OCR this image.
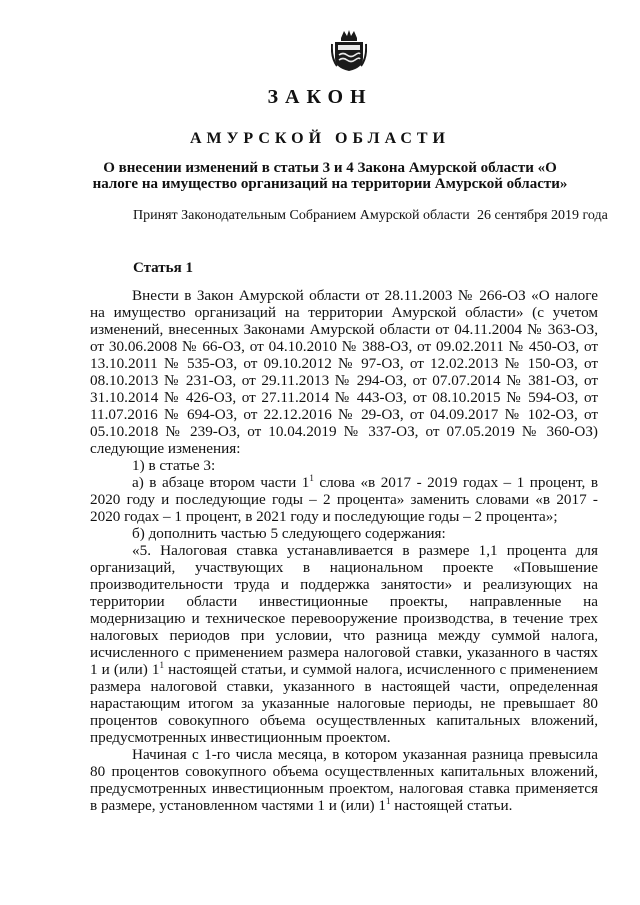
ЗАКОН
АМУРСКОЙ ОБЛАСТИ
О внесении изменений в статьи 3 и 4 Закона Амурской области «О налоге на имущество организаций на территории Амурской области»
Принят Законодательным Собранием Амурской области 26 сентября 2019 года
Статья 1

Внести в Закон Амурской области от 28.11.2003 № 266-ОЗ «О налоге на имущество организаций на территории Амурской области» (с учетом изменений, внесенных Законами Амурской области от 04.11.2004 № 363-ОЗ, от 30.06.2008 № 66-ОЗ, от 04.10.2010 № 388-ОЗ, от 09.02.2011 № 450-ОЗ, от 13.10.2011 № 535-ОЗ, от 09.10.2012 № 97-ОЗ, от 12.02.2013 № 150-ОЗ, от 08.10.2013 № 231-ОЗ, от 29.11.2013 № 294-ОЗ, от 07.07.2014 № 381-ОЗ, от 31.10.2014 № 426-ОЗ, от 27.11.2014 № 443-ОЗ, от 08.10.2015 № 594-ОЗ, от 11.07.2016 № 694-ОЗ, от 22.12.2016 № 29-ОЗ, от 04.09.2017 № 102-ОЗ, от 05.10.2018 № 239-ОЗ, от 10.04.2019 № 337-ОЗ, от 07.05.2019 № 360-ОЗ) следующие изменения:

1) в статье 3:

а) в абзаце втором части $1^1$ слова «в 2017 - 2019 годах – 1 процент, в 2020 году и последующие годы – 2 процента» заменить словами «в 2017 - 2020 годах – 1 процент, в 2021 году и последующие годы – 2 процента»;

б) дополнить частью 5 следующего содержания:

«5. Налоговая ставка устанавливается в размере 1,1 процента для организаций, участвующих в национальном проекте «Повышение производительности труда и поддержка занятости» и реализующих на территории области инвестиционные проекты, направленные на модернизацию и техническое перевооружение производства, в течение трех налоговых периодов при условии, что разница между суммой налога, исчисленного с применением размера налоговой ставки, указанного в частях 1 и (или) $1^1$ настоящей статьи, и суммой налога, исчисленного с применением размера налоговой ставки, указанного в настоящей части, определенная нарастающим итогом за указанные налоговые периоды, не превышает 80 процентов совокупного объема осуществленных капитальных вложений, предусмотренных инвестиционным проектом.

Начиная с 1-го числа месяца, в котором указанная разница превысила 80 процентов совокупного объема осуществленных капитальных вложений, предусмотренных инвестиционным проектом, налоговая ставка применяется в размере, установленном частями 1 и (или) $1^1$ настоящей статьи.
